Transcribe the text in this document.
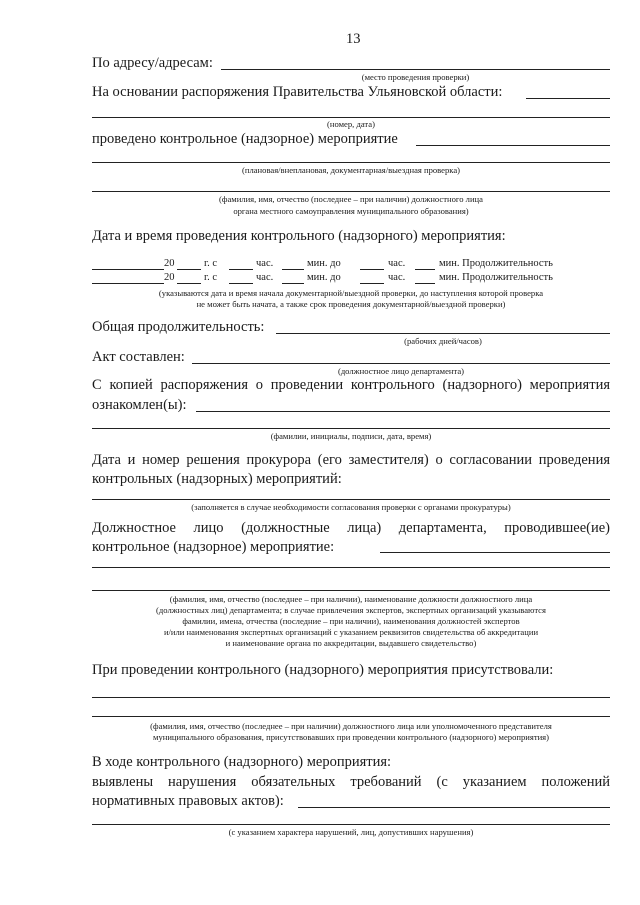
13
По адресу/адресам:
(место проведения проверки)
На основании распоряжения Правительства Ульяновской области:
(номер, дата)
проведено контрольное (надзорное) мероприятие
(плановая/внеплановая, документарная/выездная проверка)
(фамилия, имя, отчество (последнее – при наличии) должностного лица
органа местного самоуправления муниципального образования)
Дата и время проведения контрольного (надзорного) мероприятия:
20	г. с	час.	мин. до	час.	мин. Продолжительность
20	г. с	час.	мин. до	час.	мин. Продолжительность
(указываются дата и время начала документарной/выездной проверки, до наступления которой проверка
не может быть начата, а также срок проведения документарной/выездной проверки)
Общая продолжительность:
(рабочих дней/часов)
Акт составлен:
(должностное лицо департамента)
С копией распоряжения о проведении контрольного (надзорного) мероприятия
ознакомлен(ы):
(фамилии, инициалы, подписи, дата, время)
Дата и номер решения прокурора (его заместителя) о согласовании проведения
контрольных (надзорных) мероприятий:
(заполняется в случае необходимости согласования проверки с органами прокуратуры)
Должностное лицо (должностные лица) департамента, проводившее(ие)
контрольное (надзорное) мероприятие:
(фамилия, имя, отчество (последнее – при наличии), наименование должности должностного лица
(должностных лиц) департамента; в случае привлечения экспертов, экспертных организаций указываются
фамилии, имена, отчества (последние – при наличии), наименования должностей экспертов
и/или наименования экспертных организаций с указанием реквизитов свидетельства об аккредитации
и наименование органа по аккредитации, выдавшего свидетельство)
При проведении контрольного (надзорного) мероприятия присутствовали:
(фамилия, имя, отчество (последнее – при наличии) должностного лица или уполномоченного представителя
муниципального образования, присутствовавших при проведении контрольного (надзорного) мероприятия)
В ходе контрольного (надзорного) мероприятия:
выявлены нарушения обязательных требований (с указанием положений
нормативных правовых актов):
(с указанием характера нарушений, лиц, допустивших нарушения)
